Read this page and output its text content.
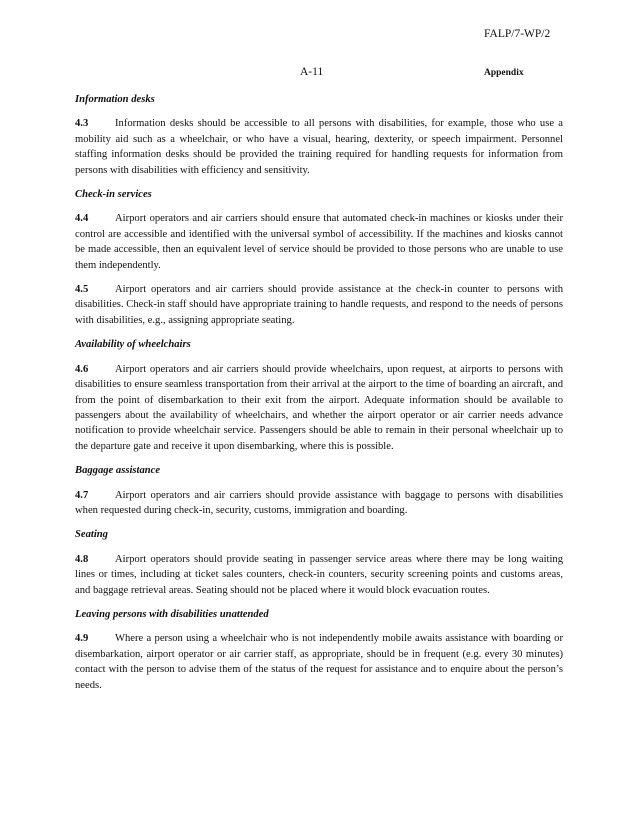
FALP/7-WP/2
A-11	Appendix

Information desks

4.3	Information desks should be accessible to all persons with disabilities, for example, those who use a mobility aid such as a wheelchair, or who have a visual, hearing, dexterity, or speech impairment. Personnel staffing information desks should be provided the training required for handling requests for information from persons with disabilities with efficiency and sensitivity.

Check-in services

4.4	Airport operators and air carriers should ensure that automated check-in machines or kiosks under their control are accessible and identified with the universal symbol of accessibility. If the machines and kiosks cannot be made accessible, then an equivalent level of service should be provided to those persons who are unable to use them independently.

4.5	Airport operators and air carriers should provide assistance at the check-in counter to persons with disabilities. Check-in staff should have appropriate training to handle requests, and respond to the needs of persons with disabilities, e.g., assigning appropriate seating.

Availability of wheelchairs

4.6	Airport operators and air carriers should provide wheelchairs, upon request, at airports to persons with disabilities to ensure seamless transportation from their arrival at the airport to the time of boarding an aircraft, and from the point of disembarkation to their exit from the airport. Adequate information should be available to passengers about the availability of wheelchairs, and whether the airport operator or air carrier needs advance notification to provide wheelchair service. Passengers should be able to remain in their personal wheelchair up to the departure gate and receive it upon disembarking, where this is possible.

Baggage assistance

4.7	Airport operators and air carriers should provide assistance with baggage to persons with disabilities when requested during check-in, security, customs, immigration and boarding.

Seating

4.8	Airport operators should provide seating in passenger service areas where there may be long waiting lines or times, including at ticket sales counters, check-in counters, security screening points and customs areas, and baggage retrieval areas. Seating should not be placed where it would block evacuation routes.

Leaving persons with disabilities unattended

4.9	Where a person using a wheelchair who is not independently mobile awaits assistance with boarding or disembarkation, airport operator or air carrier staff, as appropriate, should be in frequent (e.g. every 30 minutes) contact with the person to advise them of the status of the request for assistance and to enquire about the person’s needs.
